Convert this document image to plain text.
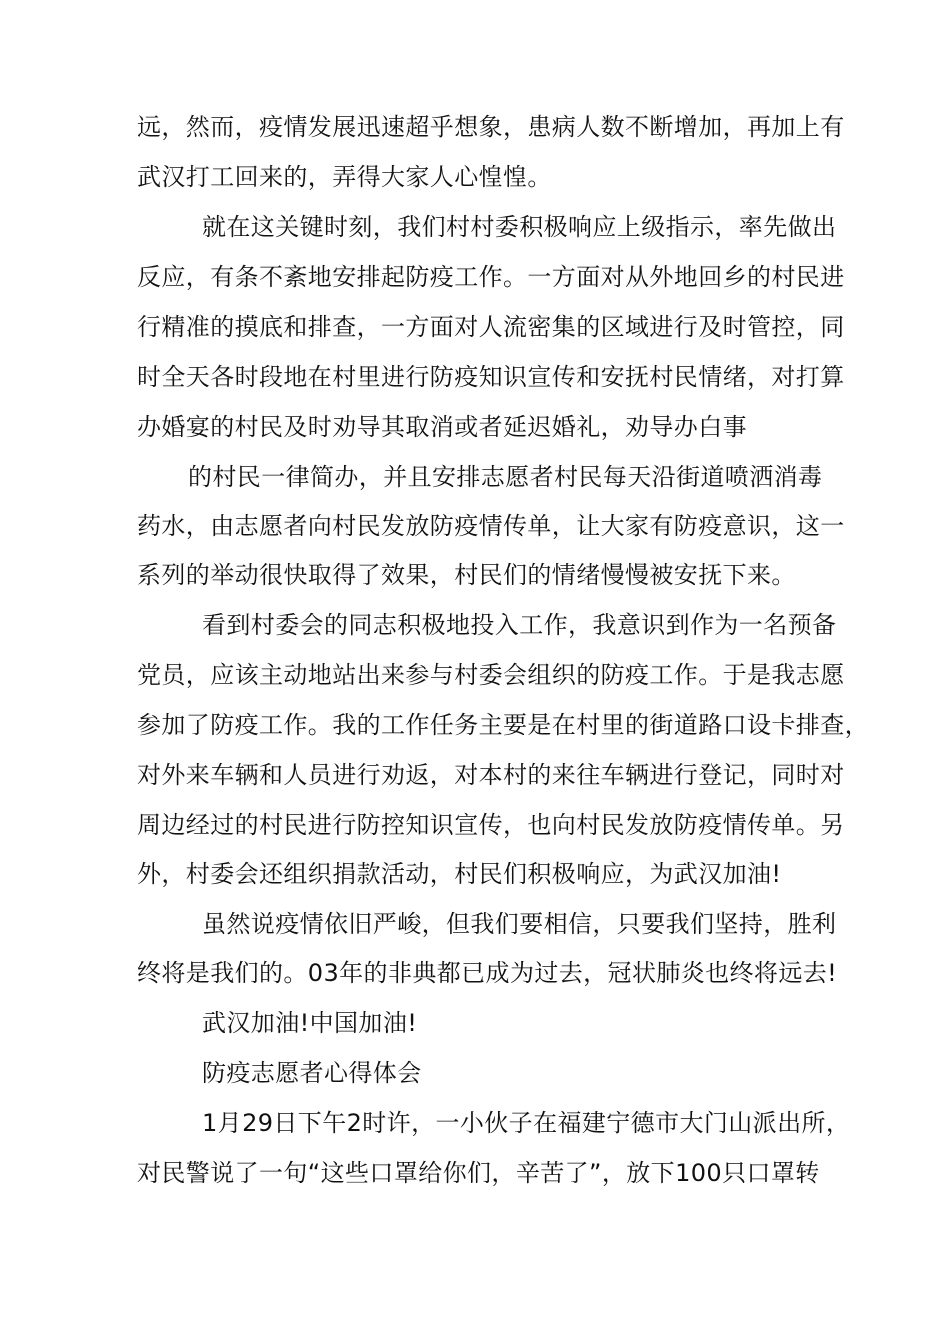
远，然而，疫情发展迅速超乎想象，患病人数不断增加，再加上有
武汉打工回来的，弄得大家人心惶惶。
就在这关键时刻，我们村村委积极响应上级指示，率先做出
反应，有条不紊地安排起防疫工作。一方面对从外地回乡的村民进
行精准的摸底和排查，一方面对人流密集的区域进行及时管控，同
时全天各时段地在村里进行防疫知识宣传和安抚村民情绪，对打算
办婚宴的村民及时劝导其取消或者延迟婚礼，劝导办白事
的村民一律简办，并且安排志愿者村民每天沿街道喷洒消毒
药水，由志愿者向村民发放防疫情传单，让大家有防疫意识，这一
系列的举动很快取得了效果，村民们的情绪慢慢被安抚下来。
看到村委会的同志积极地投入工作，我意识到作为一名预备
党员，应该主动地站出来参与村委会组织的防疫工作。于是我志愿
参加了防疫工作。我的工作任务主要是在村里的街道路口设卡排查，
对外来车辆和人员进行劝返，对本村的来往车辆进行登记，同时对
周边经过的村民进行防控知识宣传，也向村民发放防疫情传单。另
外，村委会还组织捐款活动，村民们积极响应，为武汉加油!
虽然说疫情依旧严峻，但我们要相信，只要我们坚持，胜利
终将是我们的。03年的非典都已成为过去，冠状肺炎也终将远去!
武汉加油!中国加油!
防疫志愿者心得体会
1月29日下午2时许，一小伙子在福建宁德市大门山派出所，
对民警说了一句“这些口罩给你们，辛苦了”，放下100只口罩转
